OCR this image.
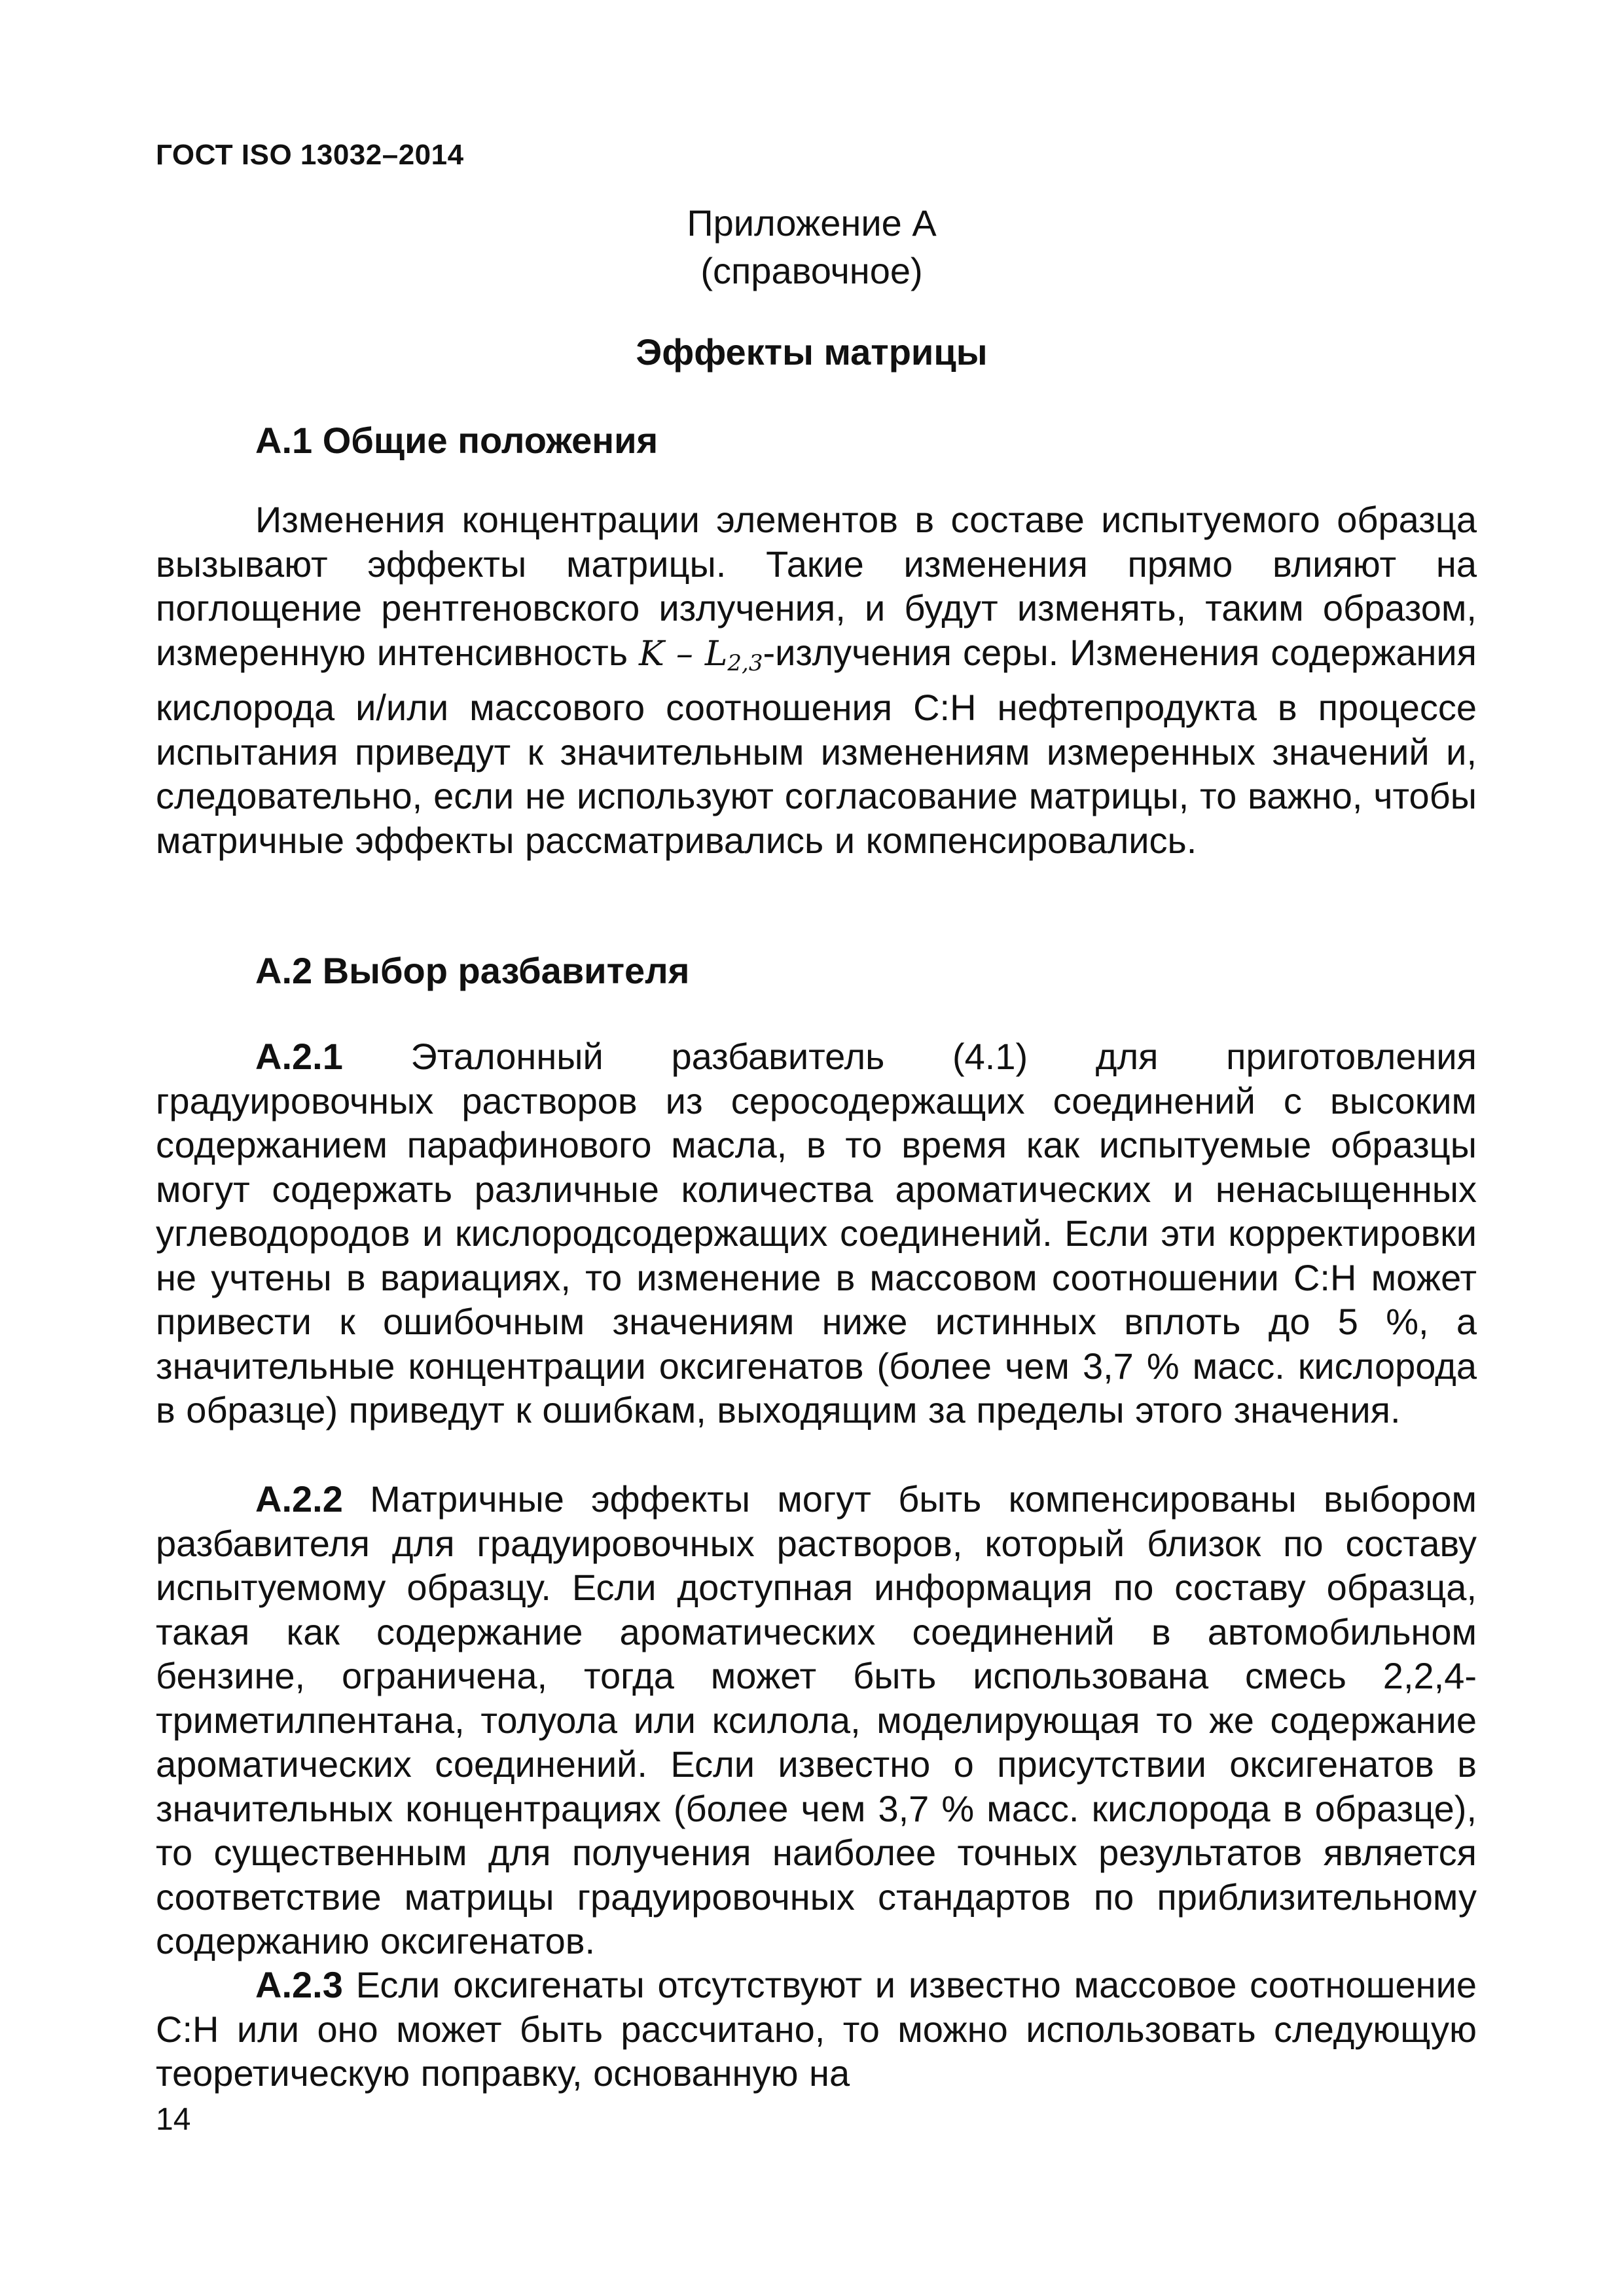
ГОСТ ISO 13032–2014
Приложение А
(справочное)
Эффекты матрицы
А.1 Общие положения
Изменения концентрации элементов в составе испытуемого образца вызывают эффекты матрицы. Такие изменения прямо влияют на поглощение рентгеновского излучения, и будут изменять, таким образом, измеренную интенсивность K – $L_{2,3}$-излучения серы. Изменения содержания кислорода и/или массового соотношения С:Н нефтепродукта в процессе испытания приведут к значительным изменениям измеренных значений и, следовательно, если не используют согласование матрицы, то важно, чтобы матричные эффекты рассматривались и компенсировались.
А.2 Выбор разбавителя
А.2.1 Эталонный разбавитель (4.1) для приготовления градуировочных растворов из серосодержащих соединений с высоким содержанием парафинового масла, в то время как испытуемые образцы могут содержать различные количества ароматических и ненасыщенных углеводородов и кислородсодержащих соединений. Если эти корректировки не учтены в вариациях, то изменение в массовом соотношении С:Н может привести к ошибочным значениям ниже истинных вплоть до 5 %, а значительные концентрации оксигенатов (более чем 3,7 % масс. кислорода в образце) приведут к ошибкам, выходящим за пределы этого значения.
А.2.2 Матричные эффекты могут быть компенсированы выбором разбавителя для градуировочных растворов, который близок по составу испытуемому образцу. Если доступная информация по составу образца, такая как содержание ароматических соединений в автомобильном бензине, ограничена, тогда может быть использована смесь 2,2,4-триметилпентана, толуола или ксилола, моделирующая то же содержание ароматических соединений. Если известно о присутствии оксигенатов в значительных концентрациях (более чем 3,7 % масс. кислорода в образце), то существенным для получения наиболее точных результатов является соответствие матрицы градуировочных стандартов по приблизительному содержанию оксигенатов.
А.2.3 Если оксигенаты отсутствуют и известно массовое соотношение С:Н или оно может быть рассчитано, то можно использовать следующую теоретическую поправку, основанную на
14
